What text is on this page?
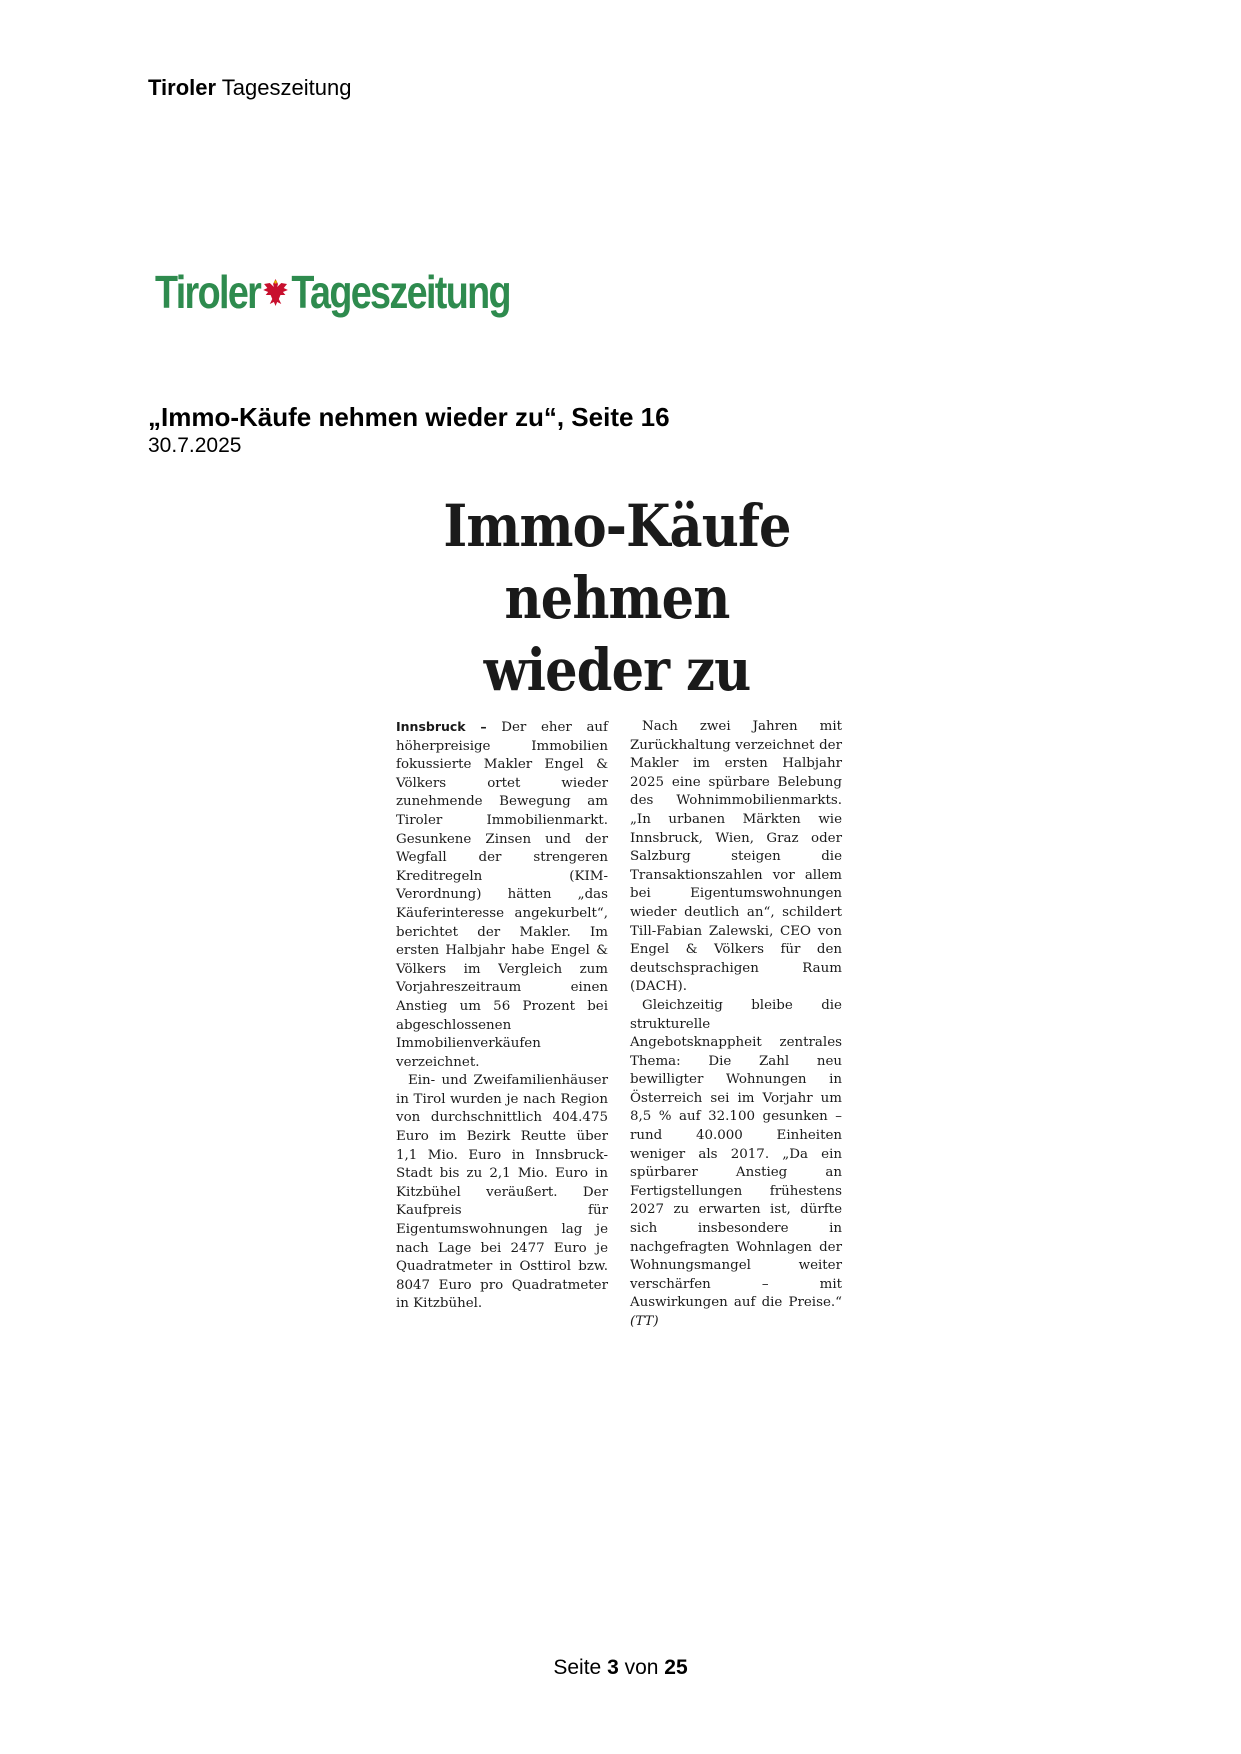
Tiroler Tageszeitung
Tiroler Tageszeitung
„Immo-Käufe nehmen wieder zu“, Seite 16
30.7.2025
Immo-Käufe
nehmen
wieder zu

Innsbruck – Der eher auf höherpreisige Immobilien fokussierte Makler Engel & Völkers ortet wieder zunehmende Bewegung am Tiroler Immobilienmarkt. Gesunkene Zinsen und der Wegfall der strengeren Kreditregeln (KIM-Verordnung) hätten „das Käuferinteresse angekurbelt“, berichtet der Makler. Im ersten Halbjahr habe Engel & Völkers im Vergleich zum Vorjahreszeitraum einen Anstieg um 56 Prozent bei abgeschlossenen Immobilienverkäufen verzeichnet.

Ein- und Zweifamilienhäuser in Tirol wurden je nach Region von durchschnittlich 404.475 Euro im Bezirk Reutte über 1,1 Mio. Euro in Innsbruck-Stadt bis zu 2,1 Mio. Euro in Kitzbühel veräußert. Der Kaufpreis für Eigentumswohnungen lag je nach Lage bei 2477 Euro je Quadratmeter in Osttirol bzw. 8047 Euro pro Quadratmeter in Kitzbühel.

Nach zwei Jahren mit Zurückhaltung verzeichnet der Makler im ersten Halbjahr 2025 eine spürbare Belebung des Wohnimmobilienmarkts. „In urbanen Märkten wie Innsbruck, Wien, Graz oder Salzburg steigen die Transaktionszahlen vor allem bei Eigentumswohnungen wieder deutlich an“, schildert Till-Fabian Zalewski, CEO von Engel & Völkers für den deutschsprachigen Raum (DACH).

Gleichzeitig bleibe die strukturelle Angebotsknappheit zentrales Thema: Die Zahl neu bewilligter Wohnungen in Österreich sei im Vorjahr um 8,5 % auf 32.100 gesunken – rund 40.000 Einheiten weniger als 2017. „Da ein spürbarer Anstieg an Fertigstellungen frühestens 2027 zu erwarten ist, dürfte sich insbesondere in nachgefragten Wohnlagen der Wohnungsmangel weiter verschärfen – mit Auswirkungen auf die Preise.“ (TT)

Seite 3 von 25
